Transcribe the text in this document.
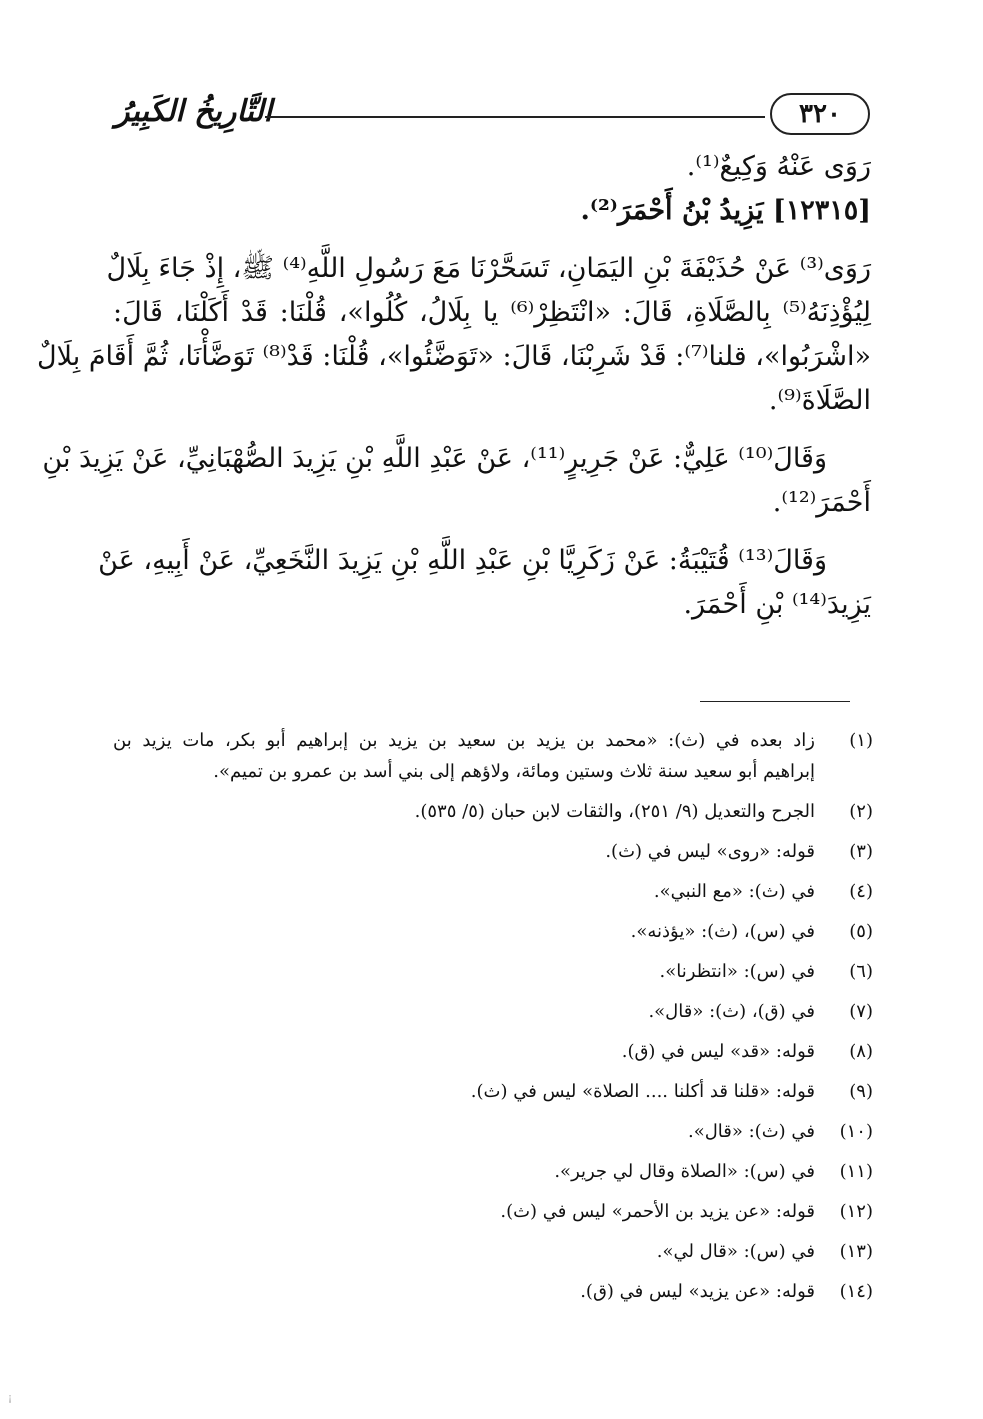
التَّارِيخُ الكَبِيرُ	٣٢٠
رَوَى عَنْهُ وَكِيعٌ⁽¹⁾.
[١٢٣١٥] يَزِيدُ بْنُ أَحْمَرَ⁽²⁾.
رَوَى⁽³⁾ عَنْ حُذَيْفَةَ بْنِ اليَمَانِ، تَسَحَّرْنَا مَعَ رَسُولِ اللَّهِ⁽⁴⁾ ﷺ، إِذْ جَاءَ بِلَالٌ
لِيُؤْذِنَهُ⁽⁵⁾ بِالصَّلَاةِ، قَالَ: «انْتَظِرْ⁽⁶⁾ يا بِلَالُ، كُلُوا»، قُلْنَا: قَدْ أَكَلْنَا، قَالَ:
«اشْرَبُوا»، قلنا⁽⁷⁾: قَدْ شَرِبْنَا، قَالَ: «تَوَضَّئُوا»، قُلْنَا: قَدْ⁽⁸⁾ تَوَضَّأْنَا، ثُمَّ أَقَامَ بِلَالٌ
الصَّلَاةَ⁽⁹⁾.
وَقَالَ⁽¹⁰⁾ عَلِيٌّ: عَنْ جَرِيرٍ⁽¹¹⁾، عَنْ عَبْدِ اللَّهِ بْنِ يَزِيدَ الصُّهْبَانِيِّ، عَنْ يَزِيدَ بْنِ
أَحْمَرَ⁽¹²⁾.
وَقَالَ⁽¹³⁾ قُتَيْبَةُ: عَنْ زَكَرِيَّا بْنِ عَبْدِ اللَّهِ بْنِ يَزِيدَ النَّخَعِيِّ، عَنْ أَبِيهِ، عَنْ
يَزِيدَ⁽¹⁴⁾ بْنِ أَحْمَرَ.
(١)
زاد بعده في (ث): «محمد بن يزيد بن سعيد بن يزيد بن إبراهيم أبو بكر، مات يزيد بن
إبراهيم أبو سعيد سنة ثلاث وستين ومائة، ولاؤهم إلى بني أسد بن عمرو بن تميم».
(٢)
الجرح والتعديل (٩/ ٢٥١)، والثقات لابن حبان (٥/ ٥٣٥).
(٣)
قوله: «روى» ليس في (ث).
(٤)
في (ث): «مع النبي».
(٥)
في (س)، (ث): «يؤذنه».
(٦)
في (س): «انتظرنا».
(٧)
في (ق)، (ث): «قال».
(٨)
قوله: «قد» ليس في (ق).
(٩)
قوله: «قلنا قد أكلنا .... الصلاة» ليس في (ث).
(١٠)
في (ث): «قال».
(١١)
في (س): «الصلاة وقال لي جرير».
(١٢)
قوله: «عن يزيد بن الأحمر» ليس في (ث).
(١٣)
في (س): «قال لي».
(١٤)
قوله: «عن يزيد» ليس في (ق).
¡
